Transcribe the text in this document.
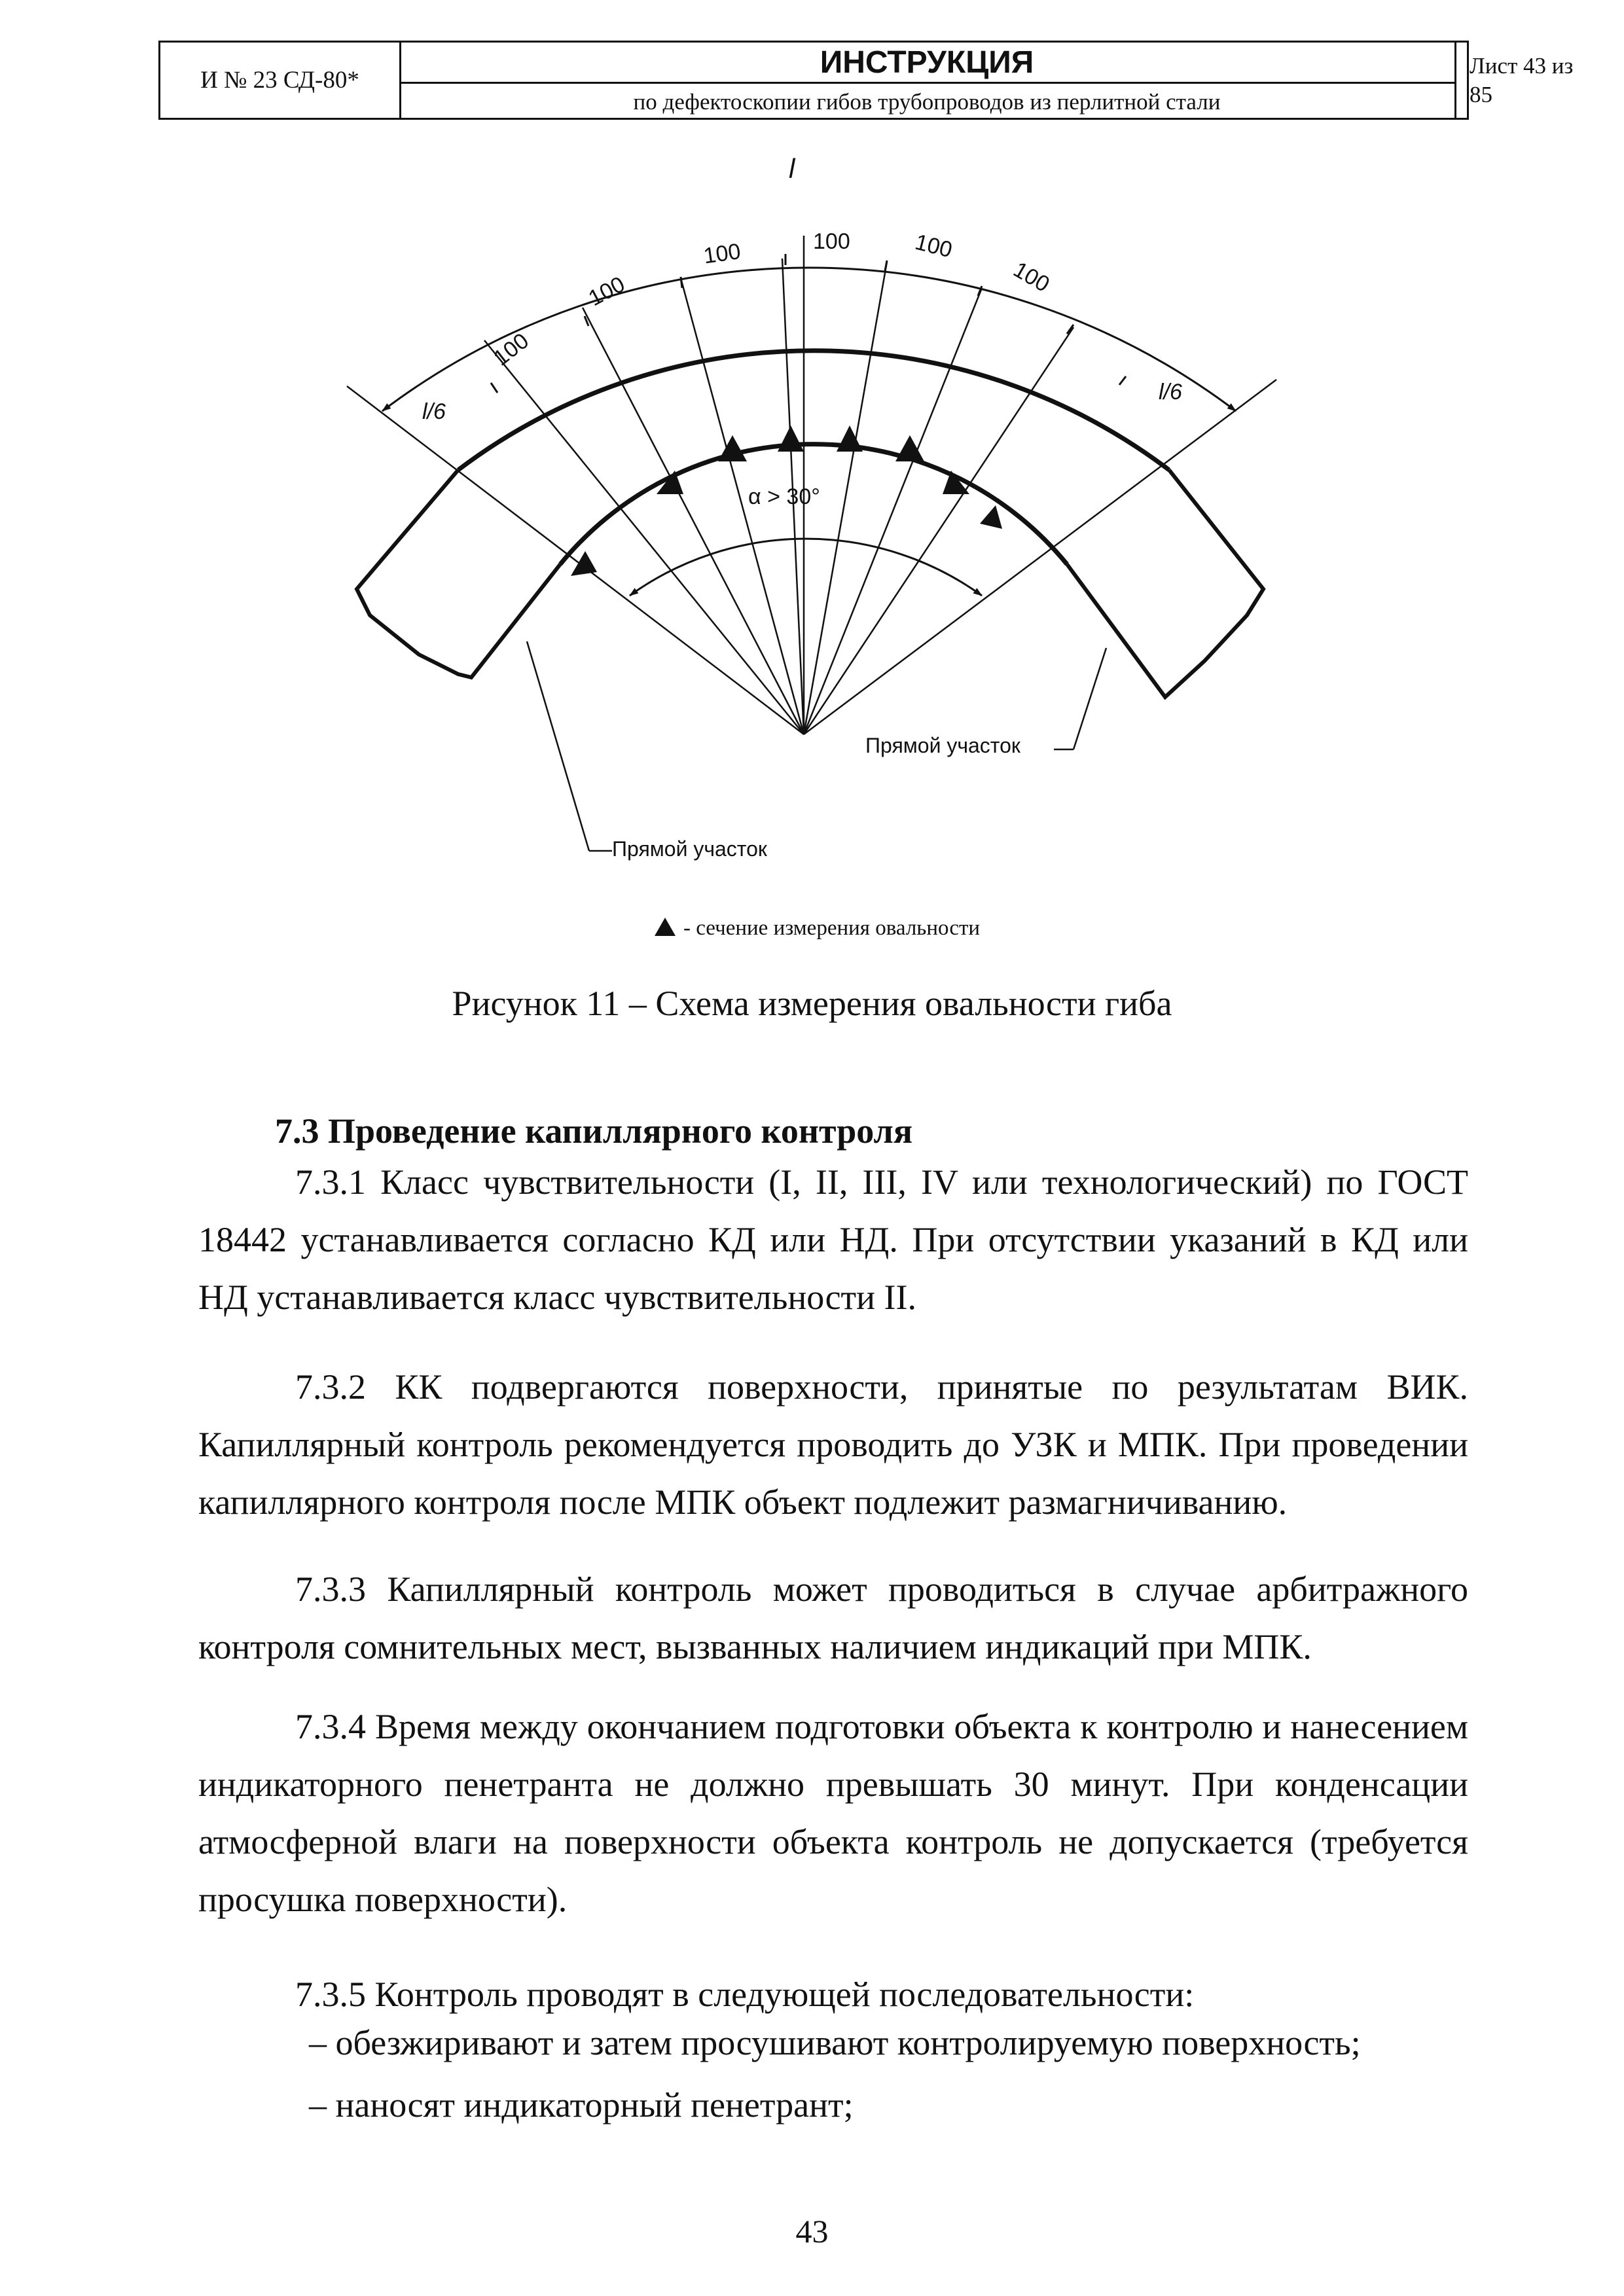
И № 23 СД-80*
ИНСТРУКЦИЯ
по дефектоскопии гибов трубопроводов из перлитной стали
Лист 43 из
85
l
100
100
100	100	100
100
l/6
l/6
α > 30°
Прямой участок
Прямой участок
- сечение измерения овальности
Рисунок 11 – Схема измерения овальности гиба
7.3 Проведение капиллярного контроля
7.3.1 Класс чувствительности (I, II, III, IV или технологический) по ГОСТ 18442 устанавливается согласно КД или НД. При отсутствии указаний в КД или НД устанавливается класс чувствительности II.
7.3.2 КК подвергаются поверхности, принятые по результатам ВИК. Капиллярный контроль рекомендуется проводить до УЗК и МПК. При проведении капиллярного контроля после МПК объект подлежит размагничиванию.
7.3.3 Капиллярный контроль может проводиться в случае арбитражного контроля сомнительных мест, вызванных наличием индикаций при МПК.
7.3.4 Время между окончанием подготовки объекта к контролю и нанесением индикаторного пенетранта не должно превышать 30 минут. При конденсации атмосферной влаги на поверхности объекта контроль не допускается (требуется просушка поверхности).
7.3.5 Контроль проводят в следующей последовательности:
– обезжиривают и затем просушивают контролируемую поверхность;
– наносят индикаторный пенетрант;
43
